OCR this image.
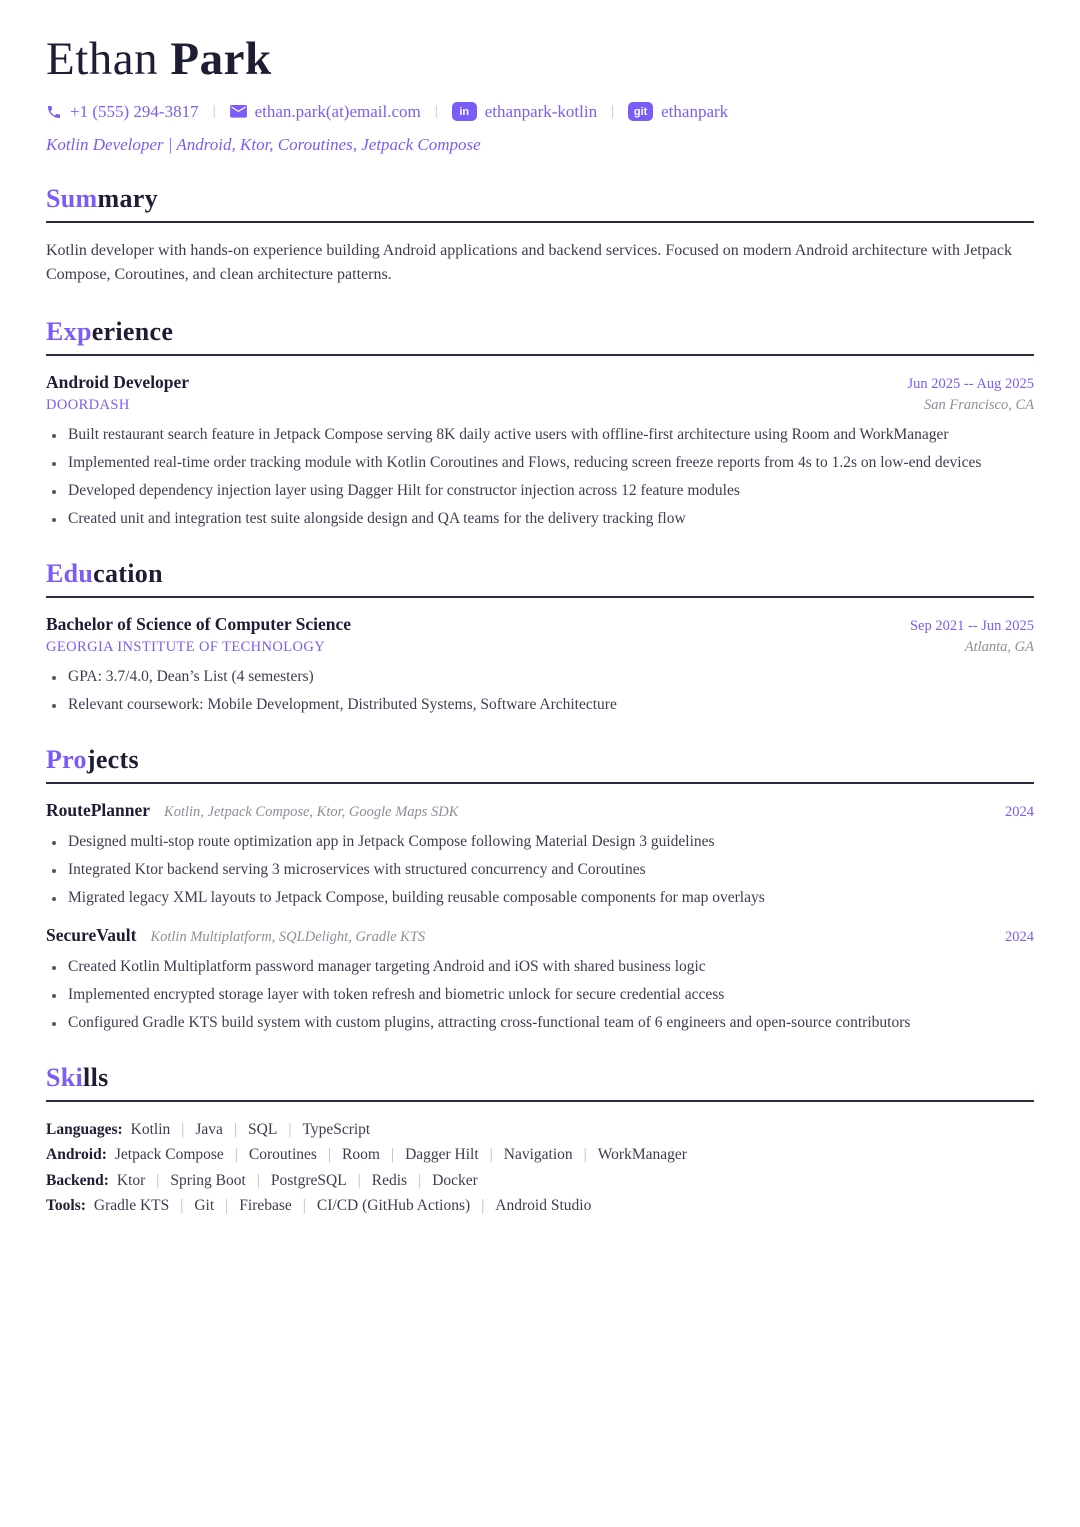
Ethan Park
+1 (555) 294-3817 |	ethan.park(at)email.com |	in ethanpark-kotlin |	git ethanpark
Kotlin Developer | Android, Ktor, Coroutines, Jetpack Compose
Summary

Kotlin developer with hands-on experience building Android applications and backend services. Focused on modern Android architecture with Jetpack Compose, Coroutines, and clean architecture patterns.

Experience
Android Developer	Jun 2025 -- Aug 2025
DOORDASH	San Francisco, CA
• Built restaurant search feature in Jetpack Compose serving 8K daily active users with offline-first architecture using Room and WorkManager
• Implemented real-time order tracking module with Kotlin Coroutines and Flows, reducing screen freeze reports from 4s to 1.2s on low-end devices
• Developed dependency injection layer using Dagger Hilt for constructor injection across 12 feature modules
• Created unit and integration test suite alongside design and QA teams for the delivery tracking flow
Education
Bachelor of Science of Computer Science	Sep 2021 -- Jun 2025
GEORGIA INSTITUTE OF TECHNOLOGY	Atlanta, GA
• GPA: 3.7/4.0, Dean’s List (4 semesters)
• Relevant coursework: Mobile Development, Distributed Systems, Software Architecture
Projects
RoutePlanner Kotlin, Jetpack Compose, Ktor, Google Maps SDK	2024
• Designed multi-stop route optimization app in Jetpack Compose following Material Design 3 guidelines
• Integrated Ktor backend serving 3 microservices with structured concurrency and Coroutines
• Migrated legacy XML layouts to Jetpack Compose, building reusable composable components for map overlays
SecureVault Kotlin Multiplatform, SQLDelight, Gradle KTS	2024
• Created Kotlin Multiplatform password manager targeting Android and iOS with shared business logic
• Implemented encrypted storage layer with token refresh and biometric unlock for secure credential access
• Configured Gradle KTS build system with custom plugins, attracting cross-functional team of 6 engineers and open-source contributors
Skills
Languages: Kotlin | Java | SQL | TypeScript
Android: Jetpack Compose | Coroutines | Room | Dagger Hilt | Navigation | WorkManager
Backend: Ktor | Spring Boot | PostgreSQL | Redis | Docker
Tools: Gradle KTS | Git | Firebase | CI/CD (GitHub Actions) | Android Studio
